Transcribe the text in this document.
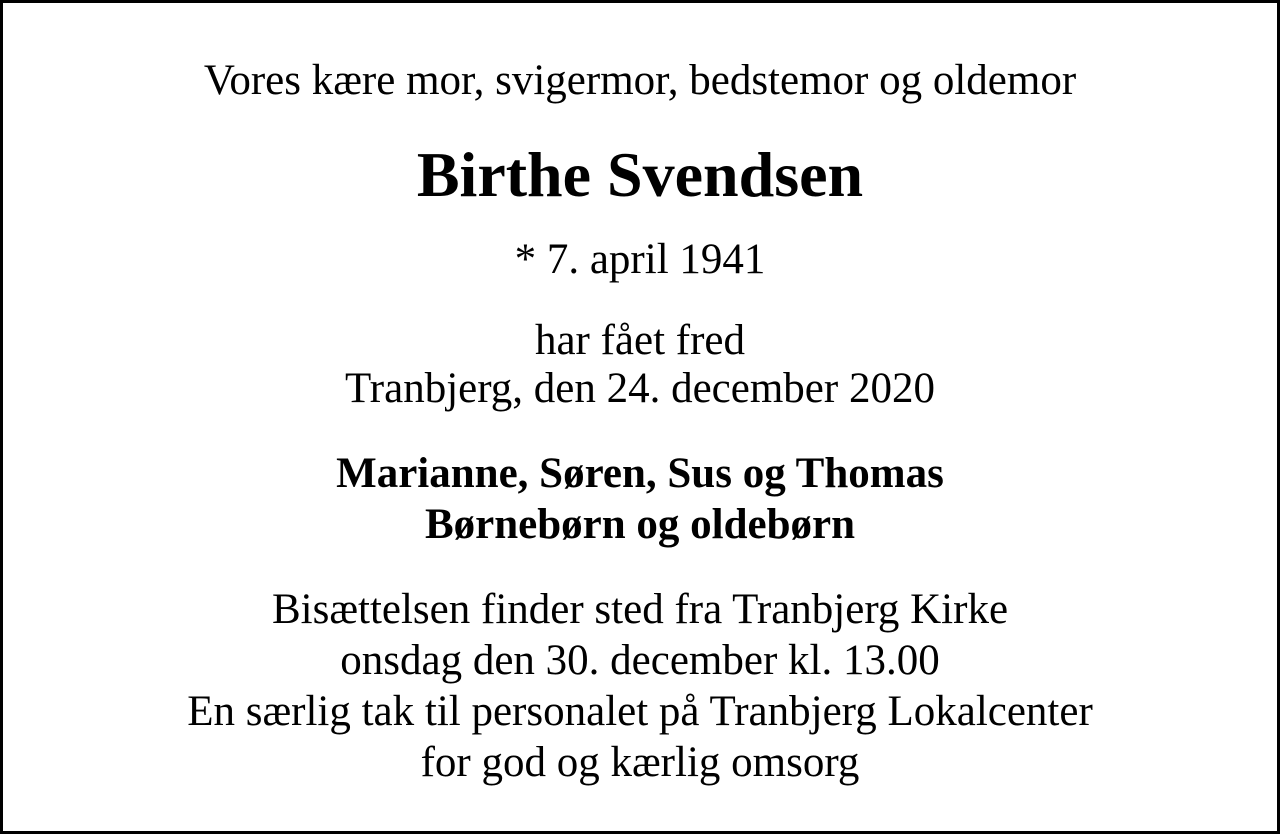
Vores kære mor, svigermor, bedstemor og oldemor
Birthe Svendsen
* 7. april 1941
har fået fred
Tranbjerg, den 24. december 2020
Marianne, Søren, Sus og Thomas
Børnebørn og oldebørn
Bisættelsen finder sted fra Tranbjerg Kirke
onsdag den 30. december kl. 13.00
En særlig tak til personalet på Tranbjerg Lokalcenter
for god og kærlig omsorg
